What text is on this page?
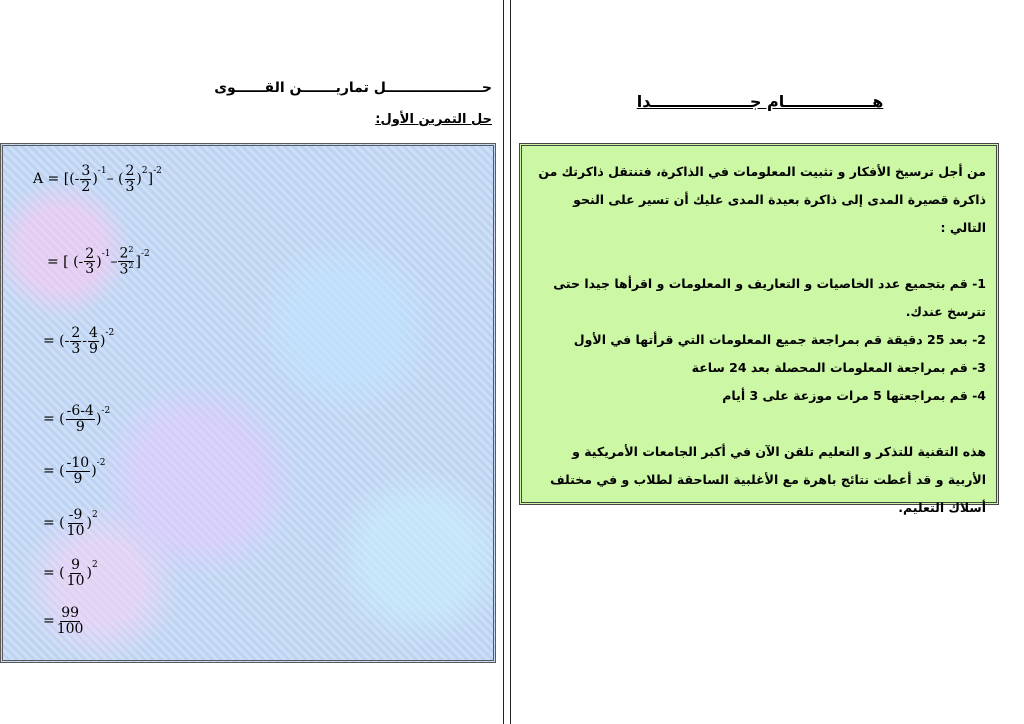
حــــــــــــــــــــل تماريـــــــن القــــــوى
حل التمرين الأول:
A = [(- $\frac{3}{2} )^{-1}$ – ( $\frac{2}{3} )^2$ ]$^{-2}$
= [ (- $\frac{2}{3} )^{-1} - \frac{2^2}{3^2} ]^{-2}$
= (- $\frac{2}{3} - \frac{4}{9} )^{-2}$
= ( $\frac{-6-4}{9} )^{-2}$
= ( $\frac{-10}{9} )^{-2}$
= ( $\frac{-9}{10} )^2$
= ( $\frac{9}{10} )^2$
= $\frac{99}{100}$
هــــــــــــــــام جــــــــــــــــــدا

من أجل ترسيخ الأفكار و تثبيت المعلومات في الذاكرة، فتنتقل ذاكرتك من ذاكرة قصيرة المدى إلى ذاكرة بعيدة المدى عليك أن تسير على النحو التالي :

1- قم بتجميع عدد الخاصيات و التعاريف و المعلومات و اقرأها جيدا حتى تترسخ عندك.

2- بعد 25 دقيقة قم بمراجعة جميع المعلومات التي قرأتها في الأول

3- قم بمراجعة المعلومات المحصلة بعد 24 ساعة

4- قم بمراجعتها 5 مرات موزعة على 3 أيام

هذه التقنية للتذكر و التعليم تلقن الآن في أكبر الجامعات الأمريكية و الأربية و قد أعطت نتائج باهرة مع الأغلبية الساحقة لطلاب و في مختلف أسلاك التعليم.
